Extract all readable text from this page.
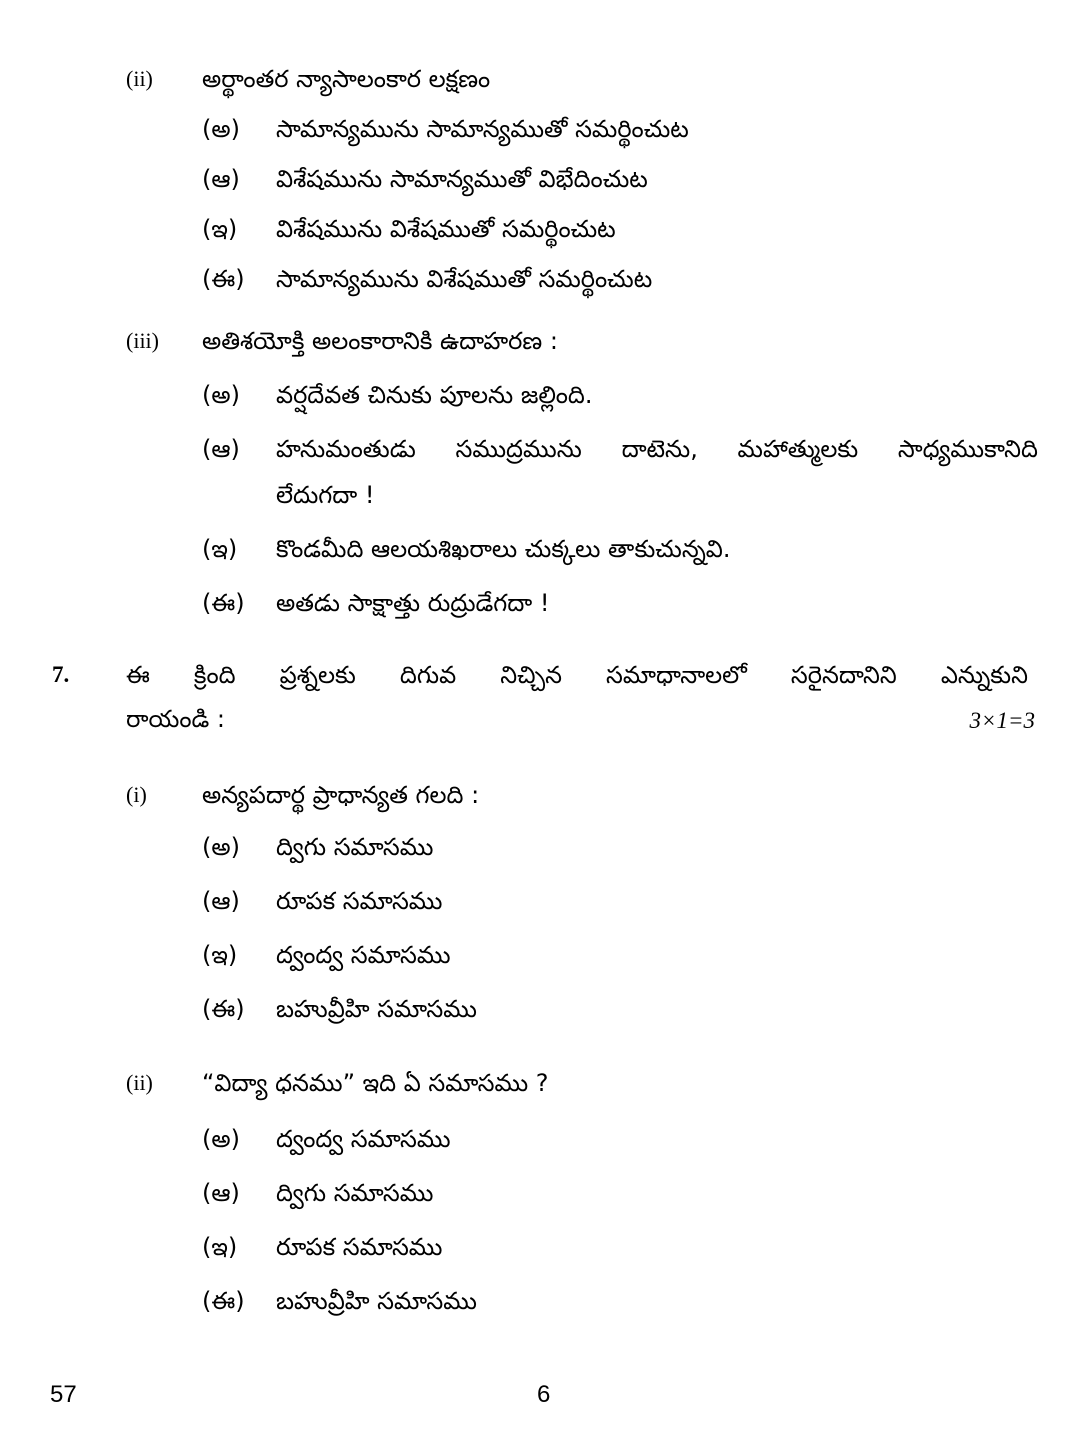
(ii) అర్థాంతర న్యాసాలంకార లక్షణం
(అ) సామాన్యమును సామాన్యముతో సమర్థించుట
(ఆ) విశేషమును సామాన్యముతో విభేదించుట
(ఇ) విశేషమును విశేషముతో సమర్థించుట
(ఈ) సామాన్యమును విశేషముతో సమర్థించుట
(iii) అతిశయోక్తి అలంకారానికి ఉదాహరణ :
(అ) వర్షదేవత చినుకు పూలను జల్లింది.
(ఆ) హనుమంతుడు సముద్రమును దాటెను, మహాత్ములకు సాధ్యముకానిది
లేదుగదా !
(ఇ) కొండమీది ఆలయశిఖరాలు చుక్కలు తాకుచున్నవి.
(ఈ) అతడు సాక్షాత్తు రుద్రుడేగదా !
7. ఈ క్రింది ప్రశ్నలకు దిగువ నిచ్చిన సమాధానాలలో సరైనదానిని ఎన్నుకుని
రాయండి :	3×1=3
(i) అన్యపదార్థ ప్రాధాన్యత గలది :
(అ) ద్విగు సమాసము
(ఆ) రూపక సమాసము
(ఇ) ద్వంద్వ సమాసము
(ఈ) బహువ్రీహి సమాసము
(ii) “విద్యా ధనము” ఇది ఏ సమాసము ?
(అ) ద్వంద్వ సమాసము
(ఆ) ద్విగు సమాసము
(ఇ) రూపక సమాసము
(ఈ) బహువ్రీహి సమాసము
57	6
